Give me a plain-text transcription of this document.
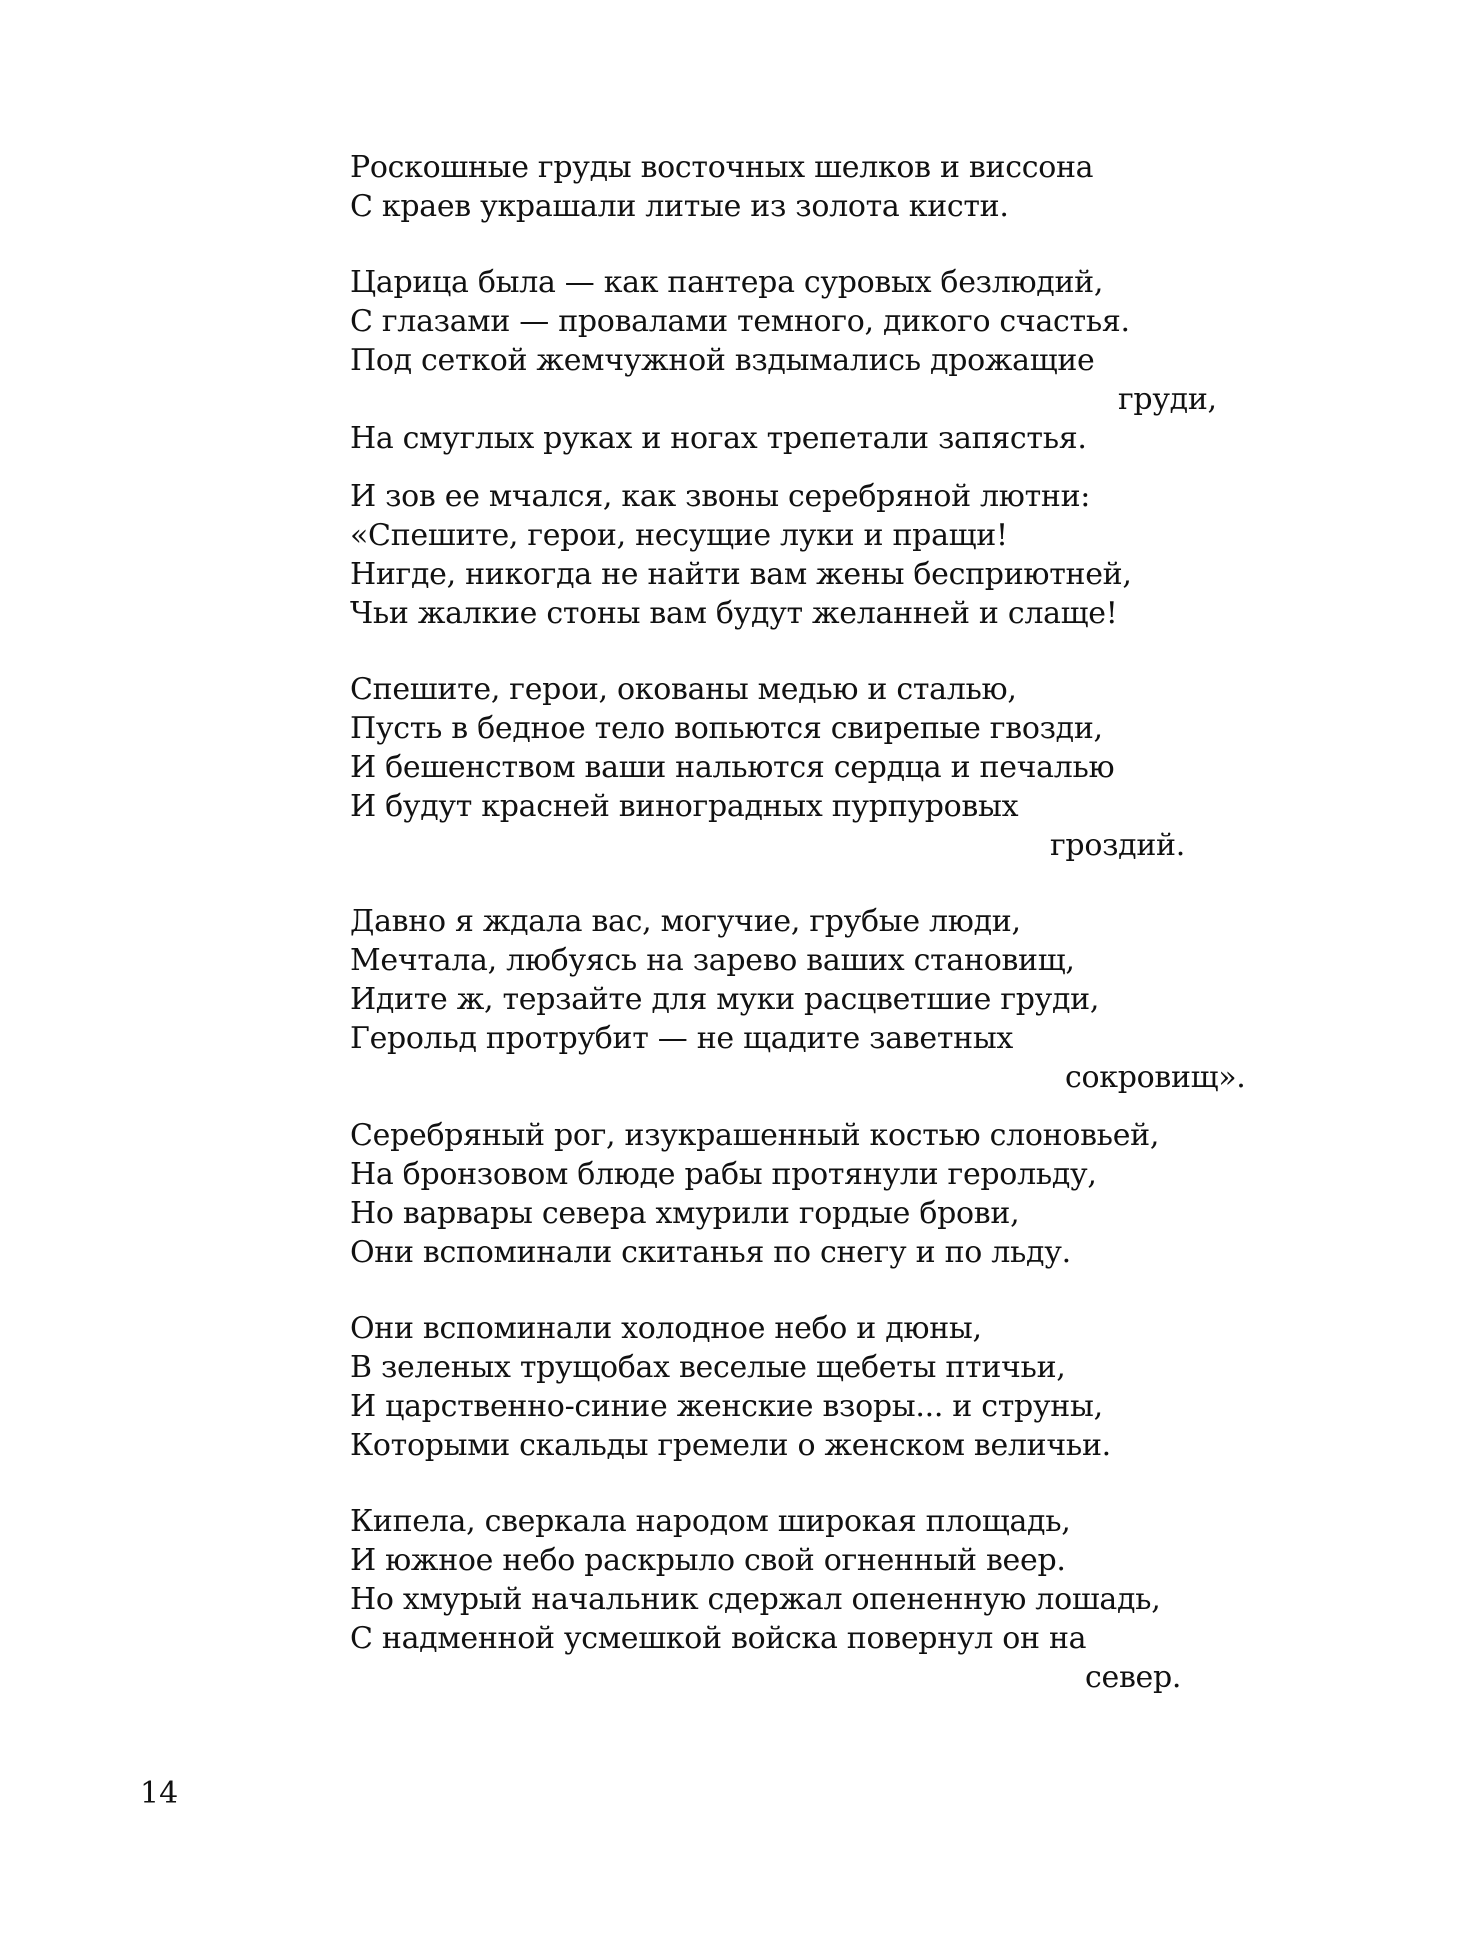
Роскошные груды восточных шелков и виссона
С краев украшали литые из золота кисти.
Царица была — как пантера суровых безлюдий,
С глазами — провалами темного, дикого счастья.
Под сеткой жемчужной вздымались дрожащие
груди,
На смуглых руках и ногах трепетали запястья.
И зов ее мчался, как звоны серебряной лютни:
«Спешите, герои, несущие луки и пращи!
Нигде, никогда не найти вам жены бесприютней,
Чьи жалкие стоны вам будут желанней и слаще!
Спешите, герои, окованы медью и сталью,
Пусть в бедное тело вопьются свирепые гвозди,
И бешенством ваши нальются сердца и печалью
И будут красней виноградных пурпуровых
гроздий.
Давно я ждала вас, могучие, грубые люди,
Мечтала, любуясь на зарево ваших становищ,
Идите ж, терзайте для муки расцветшие груди,
Герольд протрубит — не щадите заветных
сокровищ».
Серебряный рог, изукрашенный костью слоновьей,
На бронзовом блюде рабы протянули герольду,
Но варвары севера хмурили гордые брови,
Они вспоминали скитанья по снегу и по льду.
Они вспоминали холодное небо и дюны,
В зеленых трущобах веселые щебеты птичьи,
И царственно-синие женские взоры... и струны,
Которыми скальды гремели о женском величьи.
Кипела, сверкала народом широкая площадь,
И южное небо раскрыло свой огненный веер.
Но хмурый начальник сдержал опененную лошадь,
С надменной усмешкой войска повернул он на
север.
14
